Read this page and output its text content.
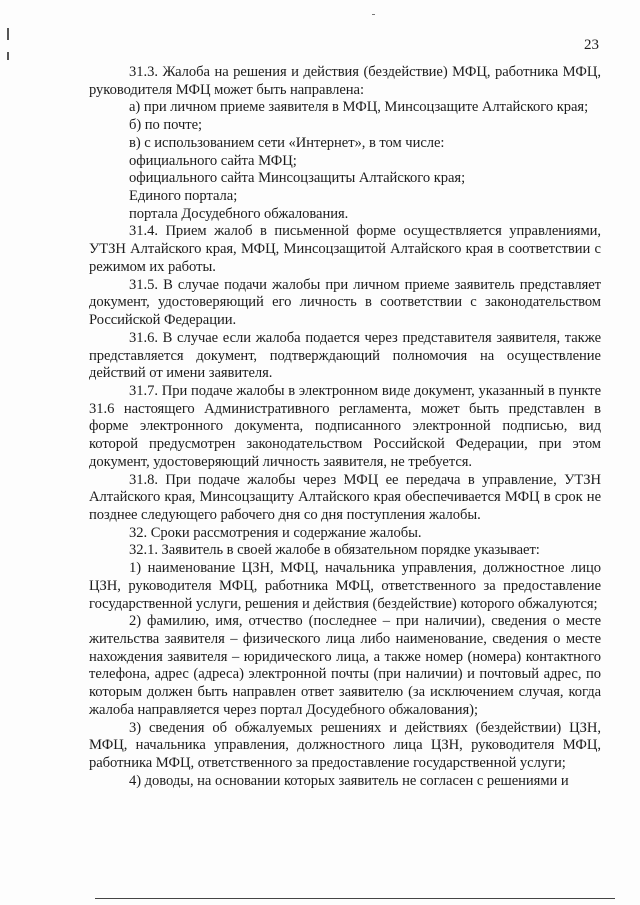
23

31.3. Жалоба на решения и действия (бездействие) МФЦ, работника МФЦ, руководителя МФЦ может быть направлена:

а) при личном приеме заявителя в МФЦ, Минсоцзащите Алтайского края;

б) по почте;

в) с использованием сети «Интернет», в том числе:

официального сайта МФЦ;

официального сайта Минсоцзащиты Алтайского края;

Единого портала;

портала Досудебного обжалования.

31.4. Прием жалоб в письменной форме осуществляется управлениями, УТЗН Алтайского края, МФЦ, Минсоцзащитой Алтайского края в соответствии с режимом их работы.

31.5. В случае подачи жалобы при личном приеме заявитель представляет документ, удостоверяющий его личность в соответствии с законодательством Российской Федерации.

31.6. В случае если жалоба подается через представителя заявителя, также представляется документ, подтверждающий полномочия на осуществление действий от имени заявителя.

31.7. При подаче жалобы в электронном виде документ, указанный в пункте 31.6 настоящего Административного регламента, может быть представлен в форме электронного документа, подписанного электронной подписью, вид которой предусмотрен законодательством Российской Федерации, при этом документ, удостоверяющий личность заявителя, не требуется.

31.8. При подаче жалобы через МФЦ ее передача в управление, УТЗН Алтайского края, Минсоцзащиту Алтайского края обеспечивается МФЦ в срок не позднее следующего рабочего дня со дня поступления жалобы.

32. Сроки рассмотрения и содержание жалобы.

32.1. Заявитель в своей жалобе в обязательном порядке указывает:

1) наименование ЦЗН, МФЦ, начальника управления, должностное лицо ЦЗН, руководителя МФЦ, работника МФЦ, ответственного за предоставление государственной услуги, решения и действия (бездействие) которого обжалуются;

2) фамилию, имя, отчество (последнее – при наличии), сведения о месте жительства заявителя – физического лица либо наименование, сведения о месте нахождения заявителя – юридического лица, а также номер (номера) контактного телефона, адрес (адреса) электронной почты (при наличии) и почтовый адрес, по которым должен быть направлен ответ заявителю (за исключением случая, когда жалоба направляется через портал Досудебного обжалования);

3) сведения об обжалуемых решениях и действиях (бездействии) ЦЗН, МФЦ, начальника управления, должностного лица ЦЗН, руководителя МФЦ, работника МФЦ, ответственного за предоставление государственной услуги;

4) доводы, на основании которых заявитель не согласен с решениями и
